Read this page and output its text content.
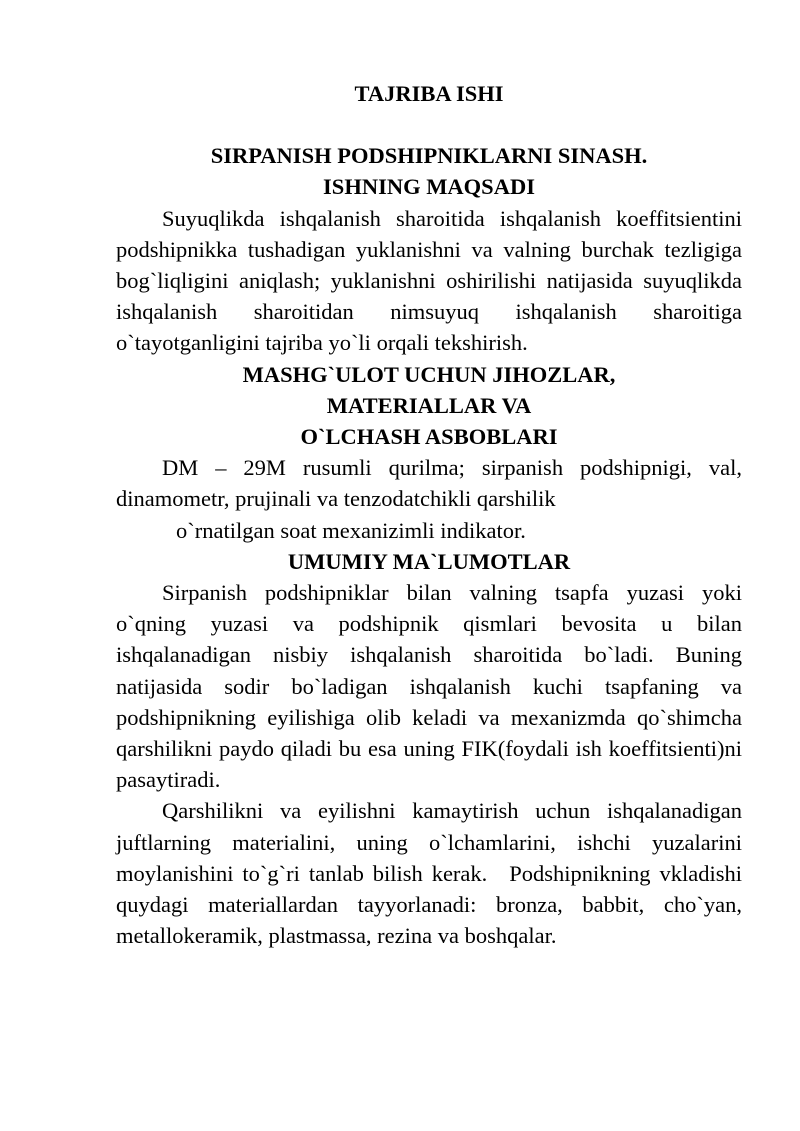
TAJRIBA ISHI

SIRPANISH PODSHIPNIKLARNI SINASH.

ISHNING MAQSADI

Suyuqlikda ishqalanish sharoitida ishqalanish koeffitsientini podshipnikka tushadigan yuklanishni va valning burchak tezligiga bog`liqligini aniqlash; yuklanishni oshirilishi natijasida suyuqlikda ishqalanish sharoitidan nimsuyuq ishqalanish sharoitiga o`tayotganligini tajriba yo`li orqali tekshirish.

MASHG`ULOT UCHUN JIHOZLAR,

MATERIALLAR VA

O`LCHASH ASBOBLARI

DM – 29M rusumli qurilma; sirpanish podshipnigi, val, dinamometr, prujinali va tenzodatchikli qarshilik

o`rnatilgan soat mexanizimli indikator.

UMUMIY MA`LUMOTLAR

Sirpanish podshipniklar bilan valning tsapfa yuzasi yoki o`qning yuzasi va podshipnik qismlari bevosita u bilan ishqalanadigan nisbiy ishqalanish sharoitida bo`ladi. Buning natijasida sodir bo`ladigan ishqalanish kuchi tsapfaning va podshipnikning eyilishiga olib keladi va mexanizmda qo`shimcha qarshilikni paydo qiladi bu esa uning FIK(foydali ish koeffitsienti)ni pasaytiradi.

Qarshilikni va eyilishni kamaytirish uchun ishqalanadigan juftlarning materialini, uning o`lchamlarini, ishchi yuzalarini moylanishini to`g`ri tanlab bilish kerak. Podshipnikning vkladishi quydagi materiallardan tayyorlanadi: bronza, babbit, cho`yan, metallokeramik, plastmassa, rezina va boshqalar.
